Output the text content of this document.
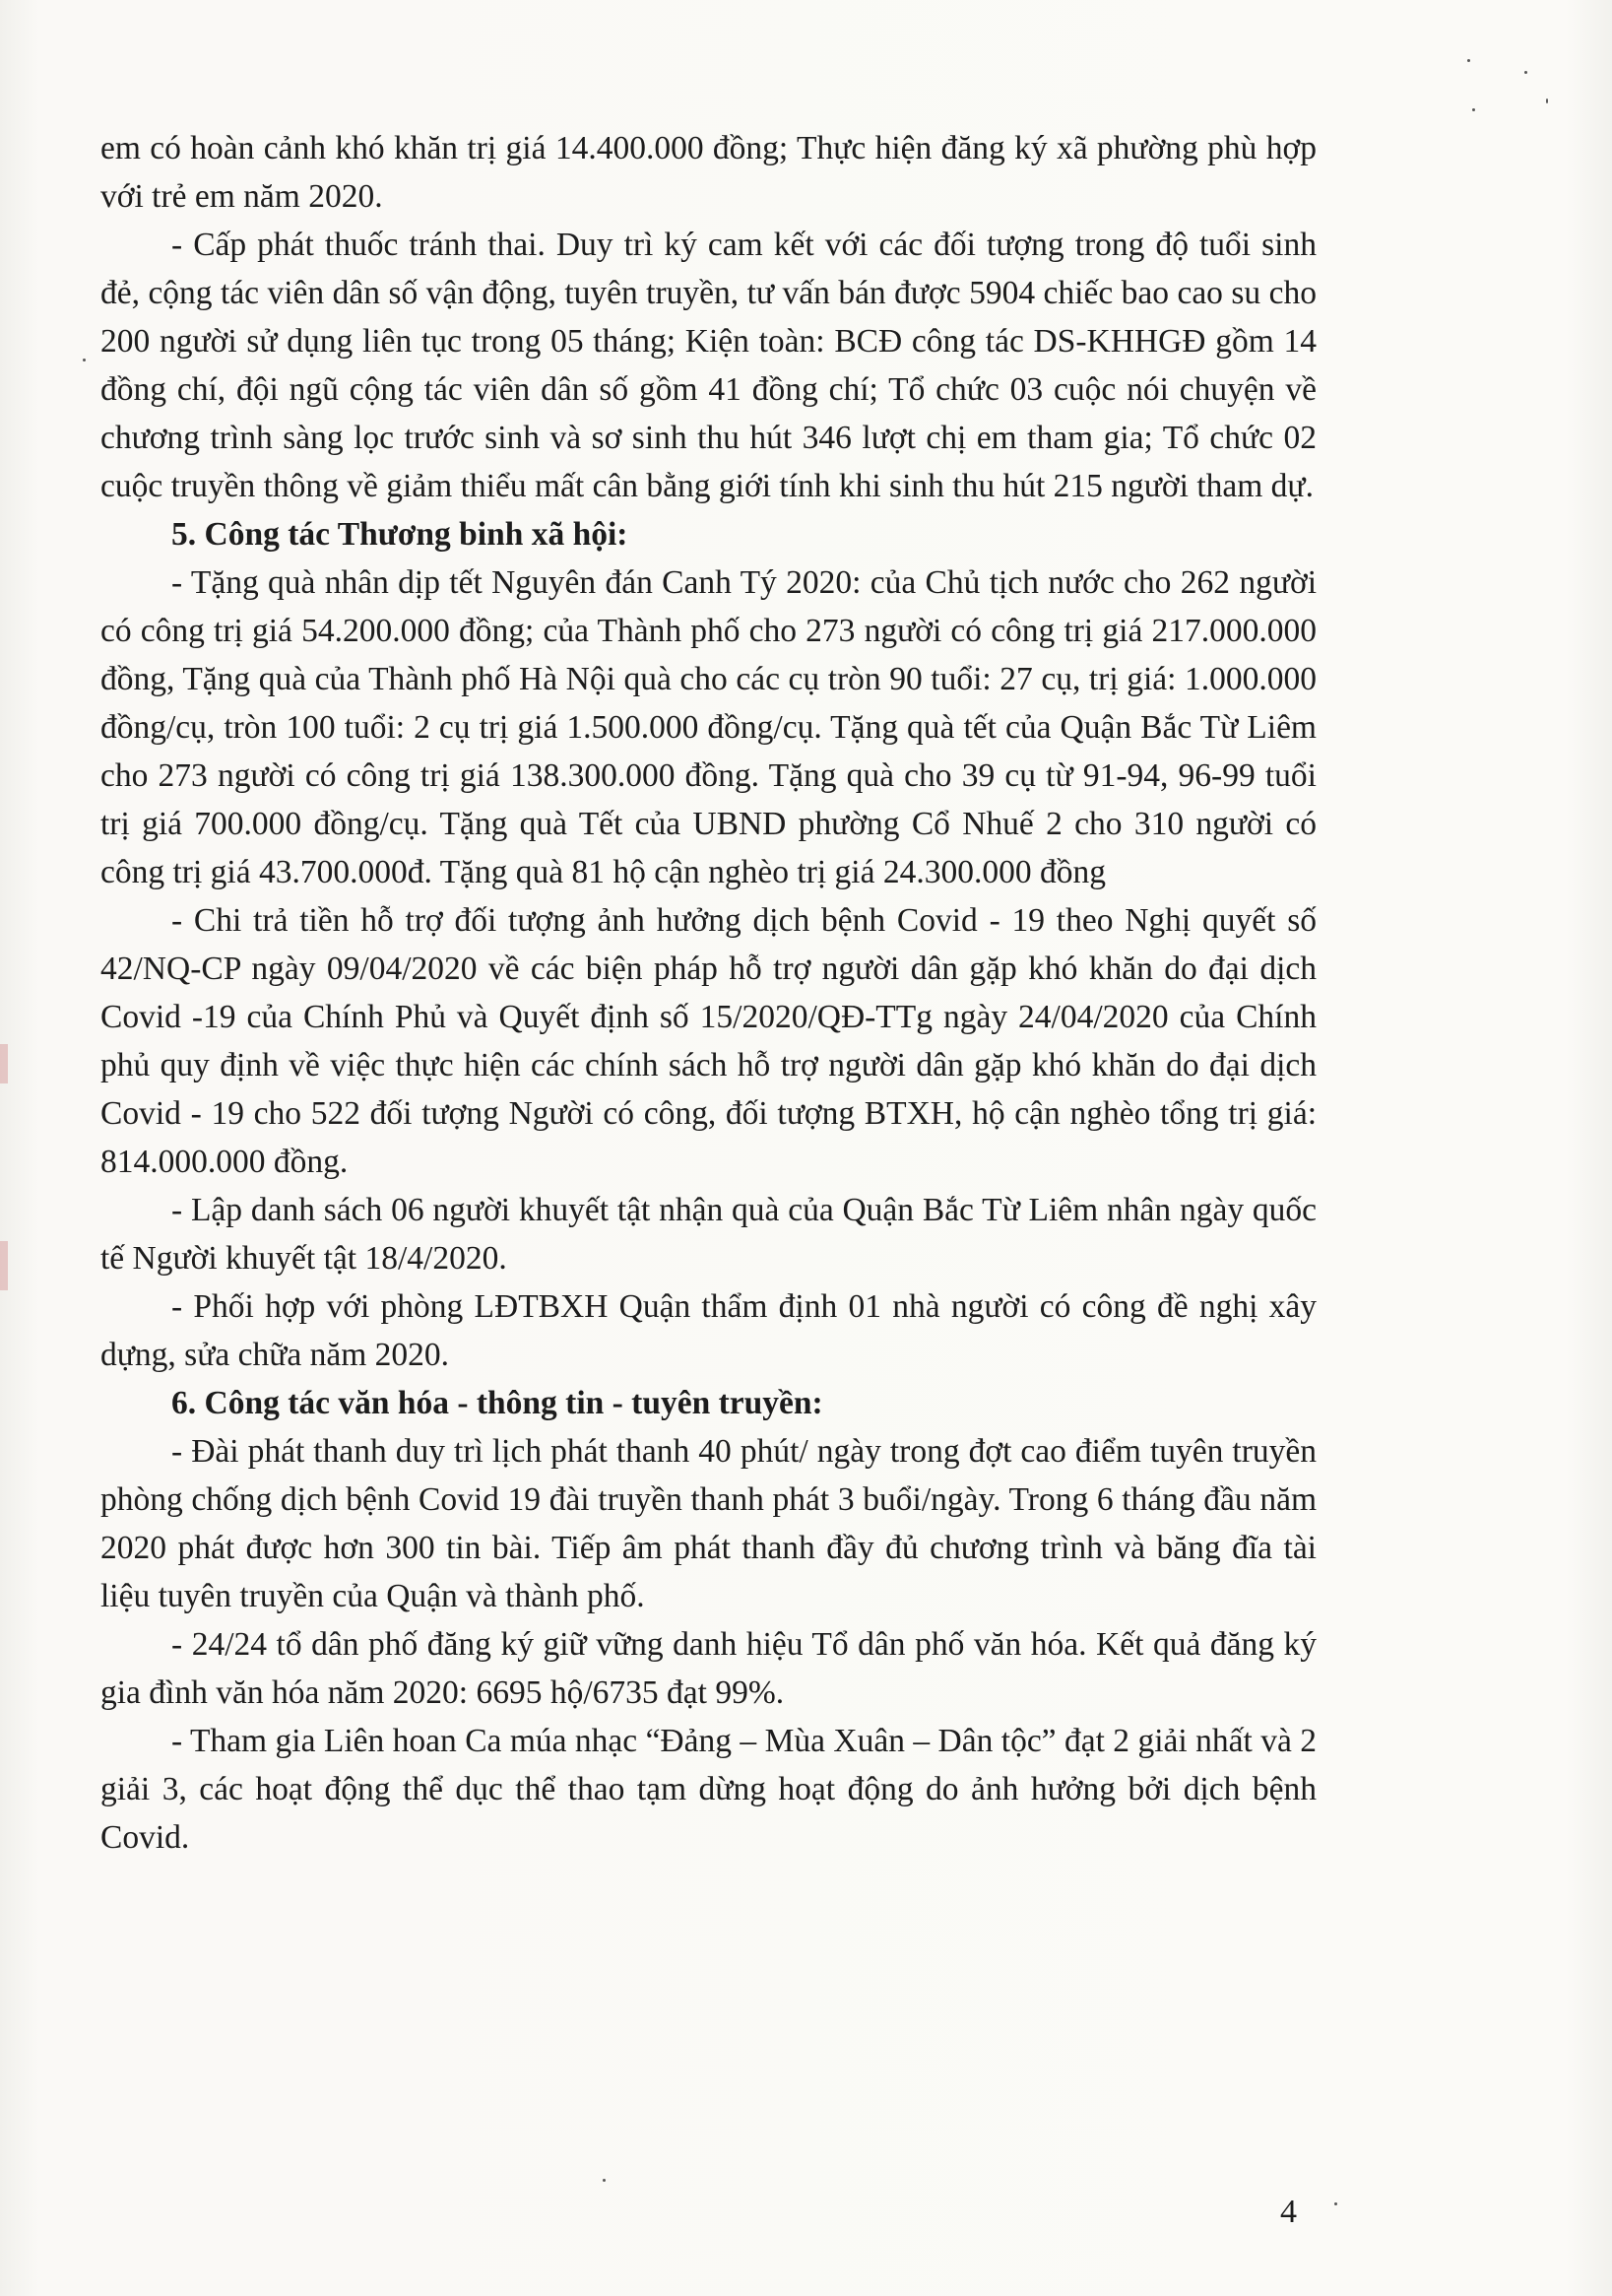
em có hoàn cảnh khó khăn trị giá 14.400.000 đồng; Thực hiện đăng ký xã phường phù hợp với trẻ em năm 2020.

- Cấp phát thuốc tránh thai. Duy trì ký cam kết với các đối tượng trong độ tuổi sinh đẻ, cộng tác viên dân số vận động, tuyên truyền, tư vấn bán được 5904 chiếc bao cao su cho 200 người sử dụng liên tục trong 05 tháng; Kiện toàn: BCĐ công tác DS-KHHGĐ gồm 14 đồng chí, đội ngũ cộng tác viên dân số gồm 41 đồng chí; Tổ chức 03 cuộc nói chuyện về chương trình sàng lọc trước sinh và sơ sinh thu hút 346 lượt chị em tham gia; Tổ chức 02 cuộc truyền thông về giảm thiểu mất cân bằng giới tính khi sinh thu hút 215 người tham dự.

5. Công tác Thương binh xã hội:

- Tặng quà nhân dịp tết Nguyên đán Canh Tý 2020: của Chủ tịch nước cho 262 người có công trị giá 54.200.000 đồng; của Thành phố cho 273 người có công trị giá 217.000.000 đồng, Tặng quà của Thành phố Hà Nội quà cho các cụ tròn 90 tuổi: 27 cụ, trị giá: 1.000.000 đồng/cụ, tròn 100 tuổi: 2 cụ trị giá 1.500.000 đồng/cụ. Tặng quà tết của Quận Bắc Từ Liêm cho 273 người có công trị giá 138.300.000 đồng. Tặng quà cho 39 cụ từ 91-94, 96-99 tuổi trị giá 700.000 đồng/cụ. Tặng quà Tết của UBND phường Cổ Nhuế 2 cho 310 người có công trị giá 43.700.000đ. Tặng quà 81 hộ cận nghèo trị giá 24.300.000 đồng

- Chi trả tiền hỗ trợ đối tượng ảnh hưởng dịch bệnh Covid - 19 theo Nghị quyết số 42/NQ-CP ngày 09/04/2020 về các biện pháp hỗ trợ người dân gặp khó khăn do đại dịch Covid -19 của Chính Phủ và Quyết định số 15/2020/QĐ-TTg ngày 24/04/2020 của Chính phủ quy định về việc thực hiện các chính sách hỗ trợ người dân gặp khó khăn do đại dịch Covid - 19 cho 522 đối tượng Người có công, đối tượng BTXH, hộ cận nghèo tổng trị giá: 814.000.000 đồng.

- Lập danh sách 06 người khuyết tật nhận quà của Quận Bắc Từ Liêm nhân ngày quốc tế Người khuyết tật 18/4/2020.

- Phối hợp với phòng LĐTBXH Quận thẩm định 01 nhà người có công đề nghị xây dựng, sửa chữa năm 2020.

6. Công tác văn hóa - thông tin - tuyên truyền:

- Đài phát thanh duy trì lịch phát thanh 40 phút/ ngày trong đợt cao điểm tuyên truyền phòng chống dịch bệnh Covid 19 đài truyền thanh phát 3 buổi/ngày. Trong 6 tháng đầu năm 2020 phát được hơn 300 tin bài. Tiếp âm phát thanh đầy đủ chương trình và băng đĩa tài liệu tuyên truyền của Quận và thành phố.

- 24/24 tổ dân phố đăng ký giữ vững danh hiệu Tổ dân phố văn hóa. Kết quả đăng ký gia đình văn hóa năm 2020: 6695 hộ/6735 đạt 99%.

- Tham gia Liên hoan Ca múa nhạc “Đảng – Mùa Xuân – Dân tộc” đạt 2 giải nhất và 2 giải 3, các hoạt động thể dục thể thao tạm dừng hoạt động do ảnh hưởng bởi dịch bệnh Covid.

4
